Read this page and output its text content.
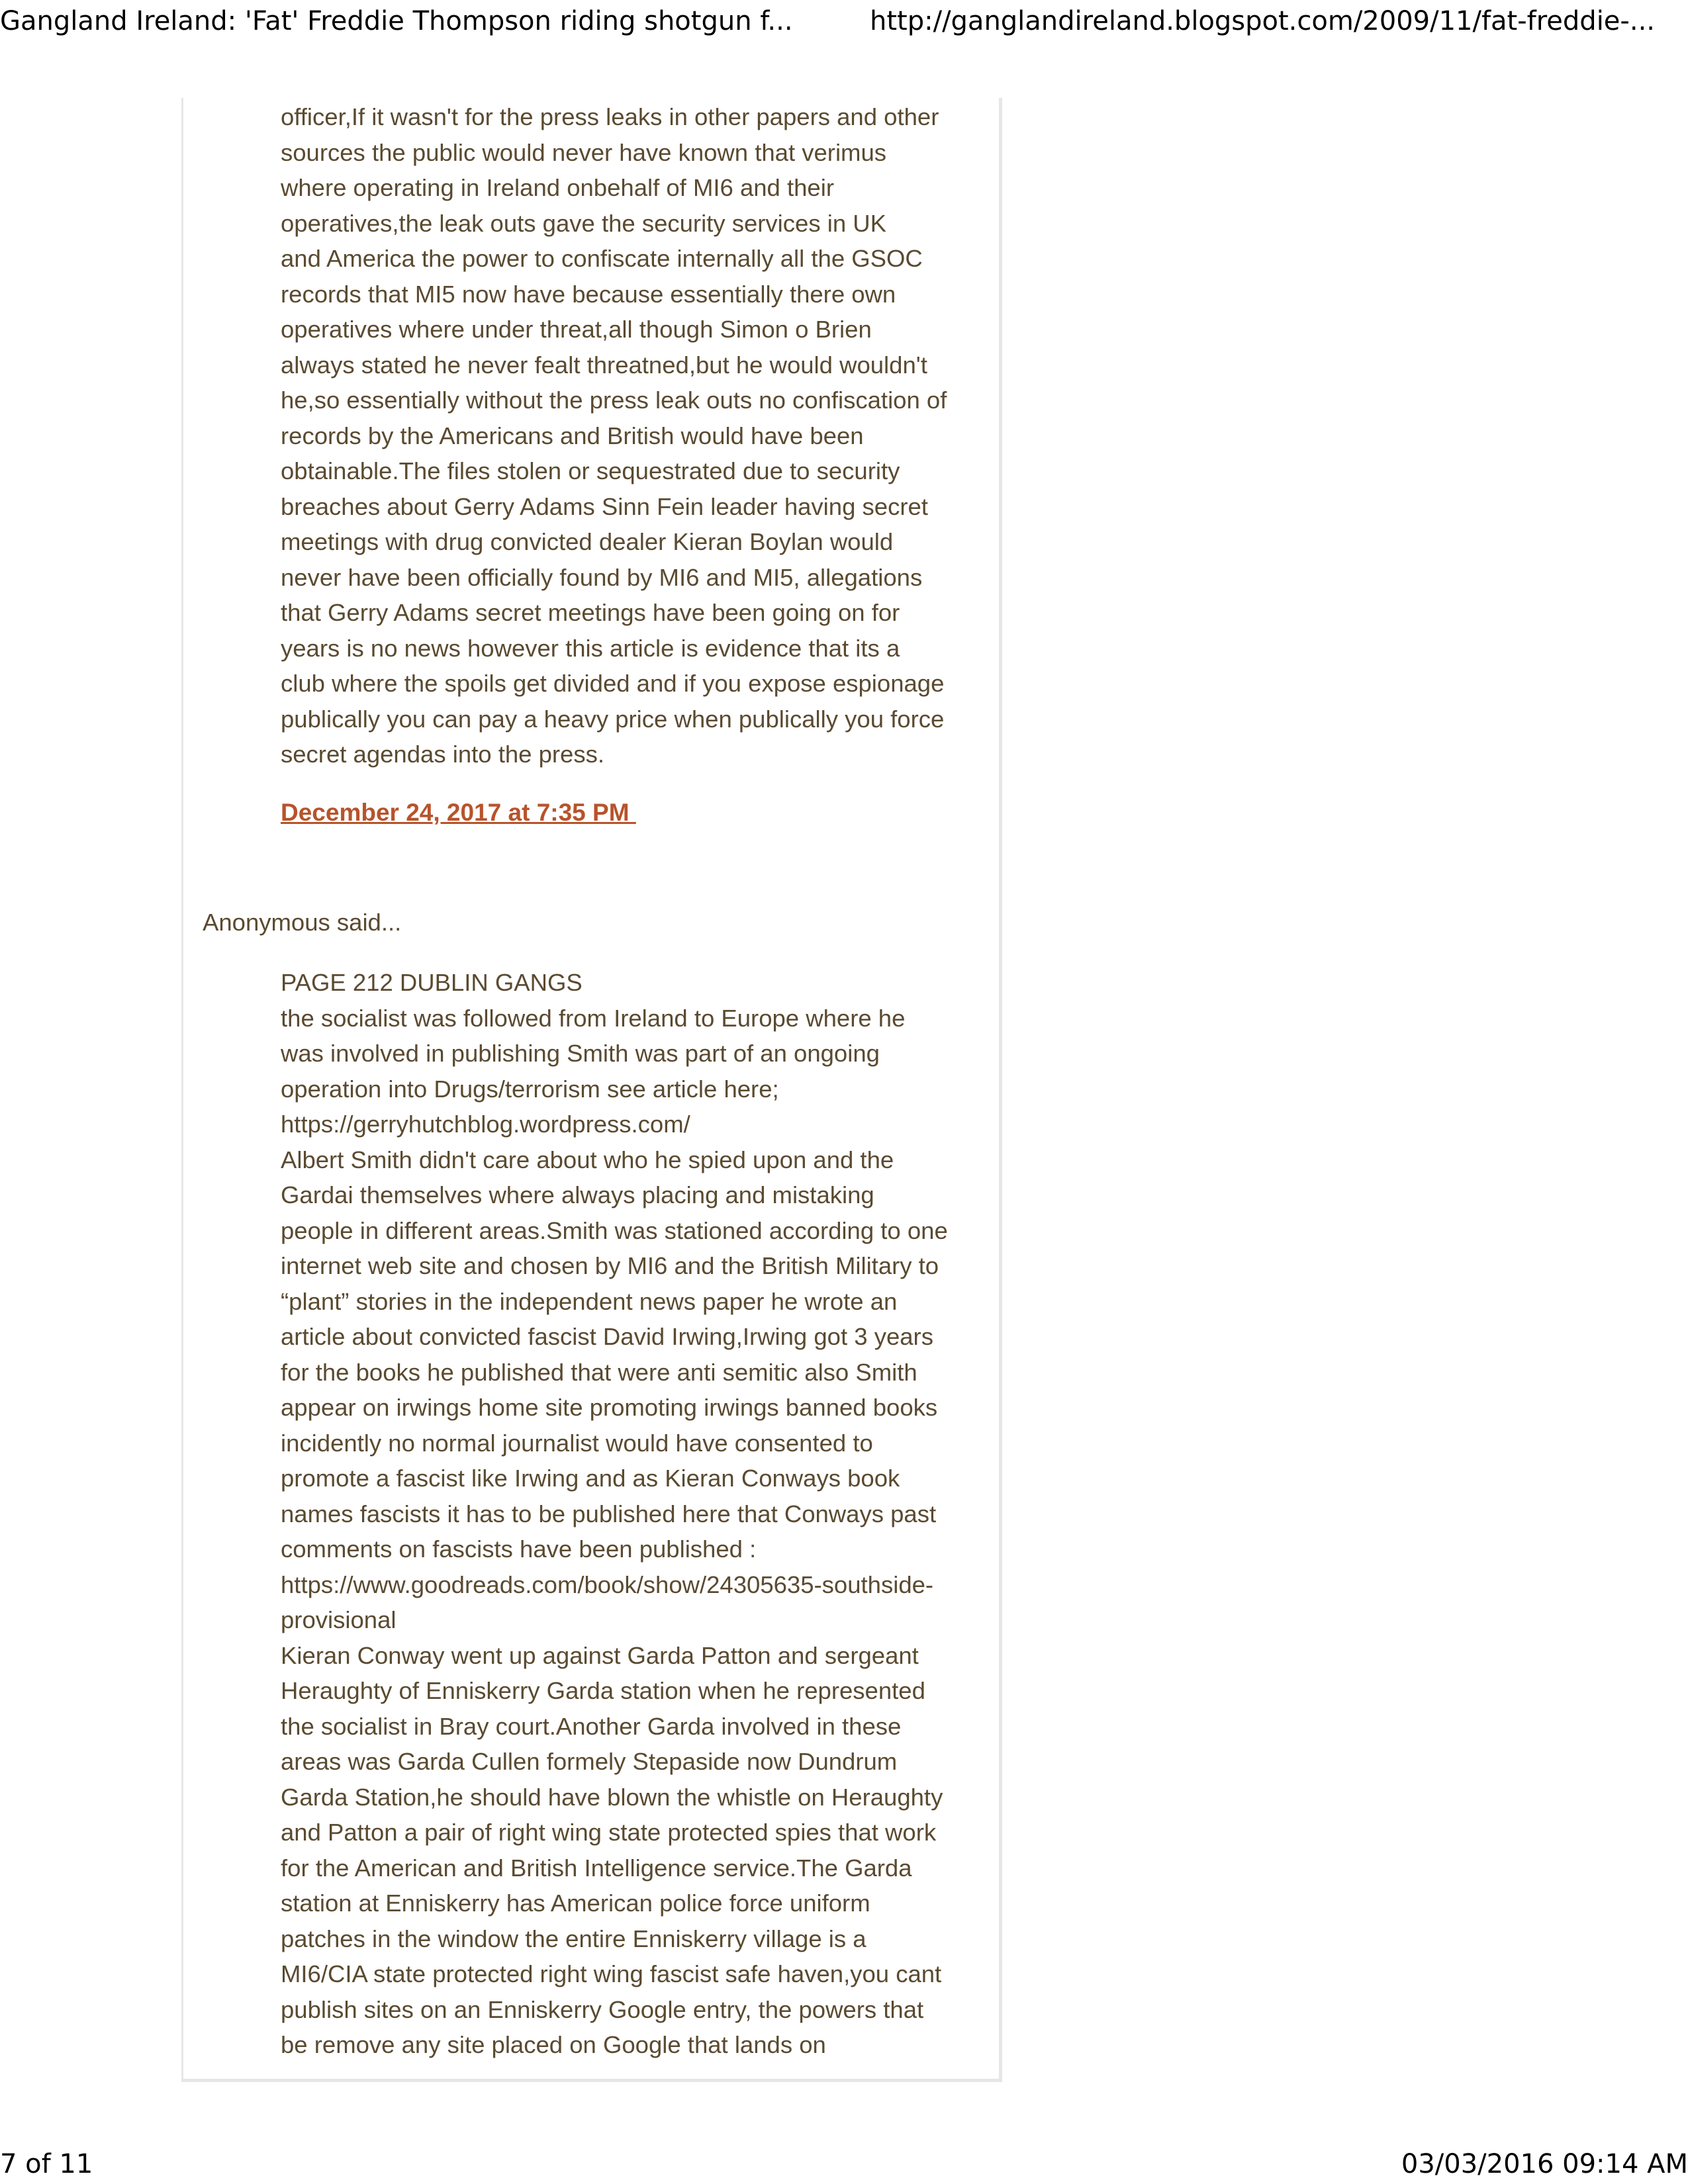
Gangland Ireland: 'Fat' Freddie Thompson riding shotgun f...	http://ganglandireland.blogspot.com/2009/11/fat-freddie-...
officer,If it wasn't for the press leaks in other papers and other
sources the public would never have known that verimus
where operating in Ireland onbehalf of MI6 and their
operatives,the leak outs gave the security services in UK
and America the power to confiscate internally all the GSOC
records that MI5 now have because essentially there own
operatives where under threat,all though Simon o Brien
always stated he never fealt threatned,but he would wouldn't
he,so essentially without the press leak outs no confiscation of
records by the Americans and British would have been
obtainable.The files stolen or sequestrated due to security
breaches about Gerry Adams Sinn Fein leader having secret
meetings with drug convicted dealer Kieran Boylan would
never have been officially found by MI6 and MI5, allegations
that Gerry Adams secret meetings have been going on for
years is no news however this article is evidence that its a
club where the spoils get divided and if you expose espionage
publically you can pay a heavy price when publically you force
secret agendas into the press.
December 24, 2017 at 7:35 PM
Anonymous said...
PAGE 212 DUBLIN GANGS
the socialist was followed from Ireland to Europe where he
was involved in publishing Smith was part of an ongoing
operation into Drugs/terrorism see article here;
https://gerryhutchblog.wordpress.com/
Albert Smith didn't care about who he spied upon and the
Gardai themselves where always placing and mistaking
people in different areas.Smith was stationed according to one
internet web site and chosen by MI6 and the British Military to
“plant” stories in the independent news paper he wrote an
article about convicted fascist David Irwing,Irwing got 3 years
for the books he published that were anti semitic also Smith
appear on irwings home site promoting irwings banned books
incidently no normal journalist would have consented to
promote a fascist like Irwing and as Kieran Conways book
names fascists it has to be published here that Conways past
comments on fascists have been published :
https://www.goodreads.com/book/show/24305635-southside-
provisional
Kieran Conway went up against Garda Patton and sergeant
Heraughty of Enniskerry Garda station when he represented
the socialist in Bray court.Another Garda involved in these
areas was Garda Cullen formely Stepaside now Dundrum
Garda Station,he should have blown the whistle on Heraughty
and Patton a pair of right wing state protected spies that work
for the American and British Intelligence service.The Garda
station at Enniskerry has American police force uniform
patches in the window the entire Enniskerry village is a
MI6/CIA state protected right wing fascist safe haven,you cant
publish sites on an Enniskerry Google entry, the powers that
be remove any site placed on Google that lands on
7 of 11	03/03/2016 09:14 AM
